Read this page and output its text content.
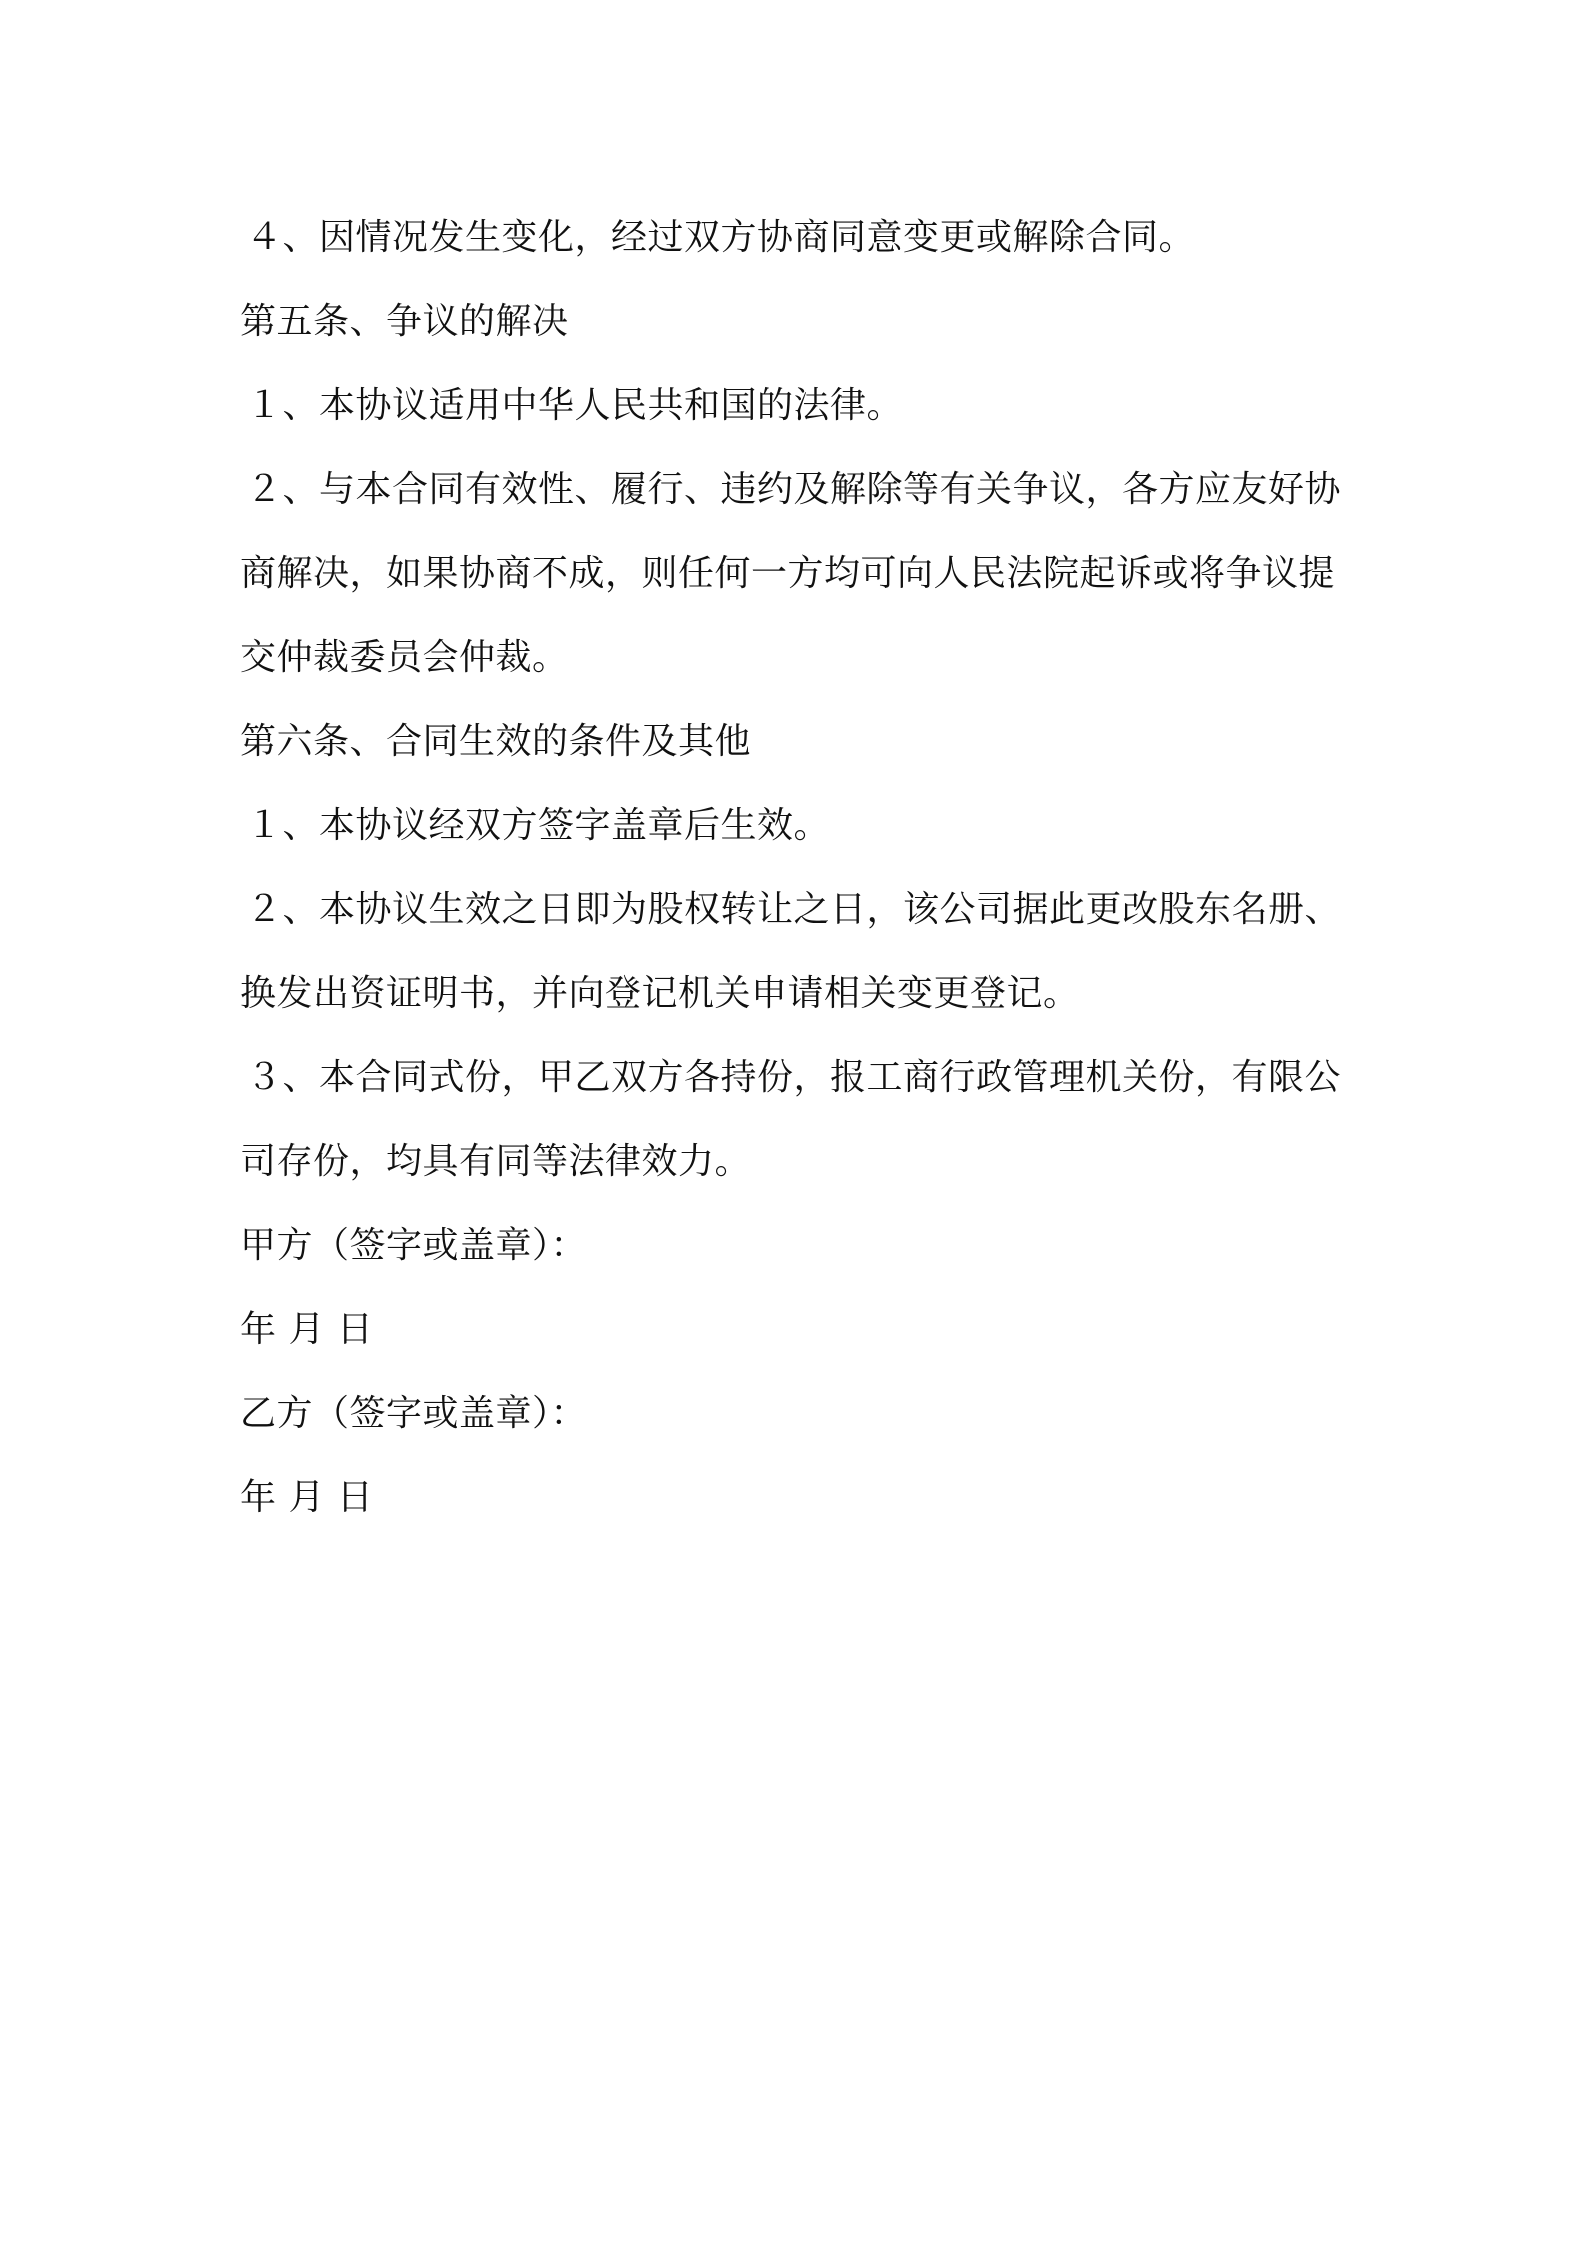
４、因情况发生变化，经过双方协商同意变更或解除合同。
第五条、争议的解决
１、本协议适用中华人民共和国的法律。
２、与本合同有效性、履行、违约及解除等有关争议，各方应友好协
商解决，如果协商不成，则任何一方均可向人民法院起诉或将争议提
交仲裁委员会仲裁。
第六条、合同生效的条件及其他
１、本协议经双方签字盖章后生效。
２、本协议生效之日即为股权转让之日，该公司据此更改股东名册、
换发出资证明书，并向登记机关申请相关变更登记。
３、本合同式份，甲乙双方各持份，报工商行政管理机关份，有限公
司存份，均具有同等法律效力。
甲方（签字或盖章）：
年 月 日
乙方（签字或盖章）：
年 月 日
